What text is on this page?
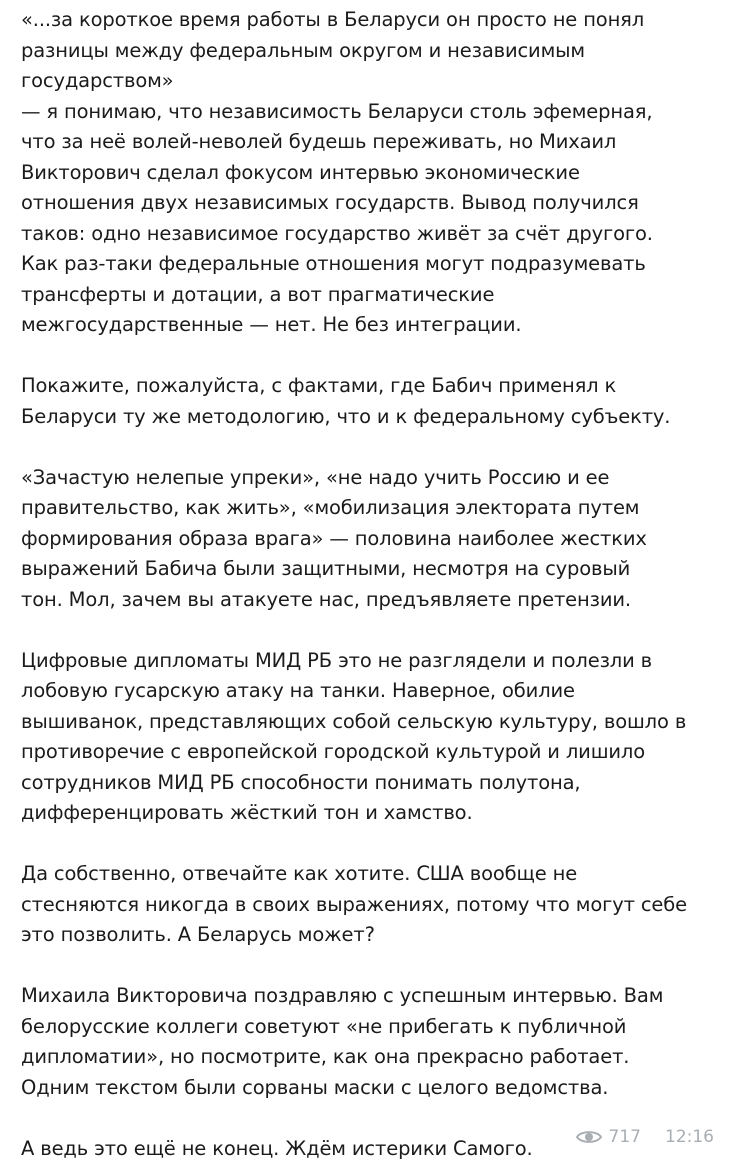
«...за короткое время работы в Беларуси он просто не понял
разницы между федеральным округом и независимым
государством»
— я понимаю, что независимость Беларуси столь эфемерная,
что за неё волей-неволей будешь переживать, но Михаил
Викторович сделал фокусом интервью экономические
отношения двух независимых государств. Вывод получился
таков: одно независимое государство живёт за счёт другого.
Как раз-таки федеральные отношения могут подразумевать
трансферты и дотации, а вот прагматические
межгосударственные — нет. Не без интеграции.
Покажите, пожалуйста, с фактами, где Бабич применял к
Беларуси ту же методологию, что и к федеральному субъекту.
«Зачастую нелепые упреки», «не надо учить Россию и ее
правительство, как жить», «мобилизация электората путем
формирования образа врага» — половина наиболее жестких
выражений Бабича были защитными, несмотря на суровый
тон. Мол, зачем вы атакуете нас, предъявляете претензии.
Цифровые дипломаты МИД РБ это не разглядели и полезли в
лобовую гусарскую атаку на танки. Наверное, обилие
вышиванок, представляющих собой сельскую культуру, вошло в
противоречие с европейской городской культурой и лишило
сотрудников МИД РБ способности понимать полутона,
дифференцировать жёсткий тон и хамство.
Да собственно, отвечайте как хотите. США вообще не
стесняются никогда в своих выражениях, потому что могут себе
это позволить. А Беларусь может?
Михаила Викторовича поздравляю с успешным интервью. Вам
белорусские коллеги советуют «не прибегать к публичной
дипломатии», но посмотрите, как она прекрасно работает.
Одним текстом были сорваны маски с целого ведомства.
А ведь это ещё не конец. Ждём истерики Самого.	717 12:16
